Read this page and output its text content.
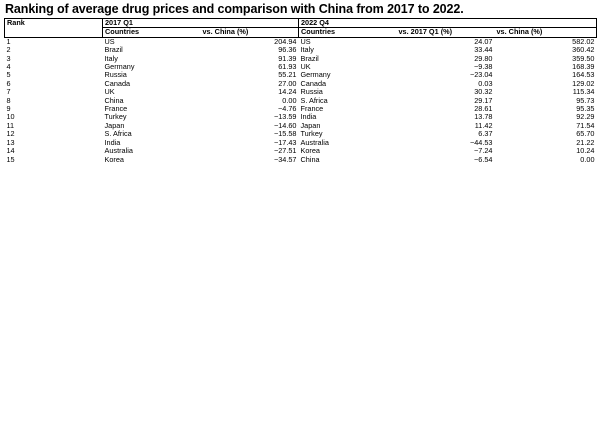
Ranking of average drug prices and comparison with China from 2017 to 2022.
Rank	2017 Q1		2022 Q4		
	Countries	vs. China (%)	Countries	vs. 2017 Q1 (%)	vs. China (%)
1	US	204.94	US	24.07	582.02
2	Brazil	96.36	Italy	33.44	360.42
3	Italy	91.39	Brazil	29.80	359.50
4	Germany	61.93	UK	−9.38	168.39
5	Russia	55.21	Germany	−23.04	164.53
6	Canada	27.00	Canada	0.03	129.02
7	UK	14.24	Russia	30.32	115.34
8	China	0.00	S. Africa	29.17	95.73
9	France	−4.76	France	28.61	95.35
10	Turkey	−13.59	India	13.78	92.29
11	Japan	−14.60	Japan	11.42	71.54
12	S. Africa	−15.58	Turkey	6.37	65.70
13	India	−17.43	Australia	−44.53	21.22
14	Australia	−27.51	Korea	−7.24	10.24
15	Korea	−34.57	China	−6.54	0.00
